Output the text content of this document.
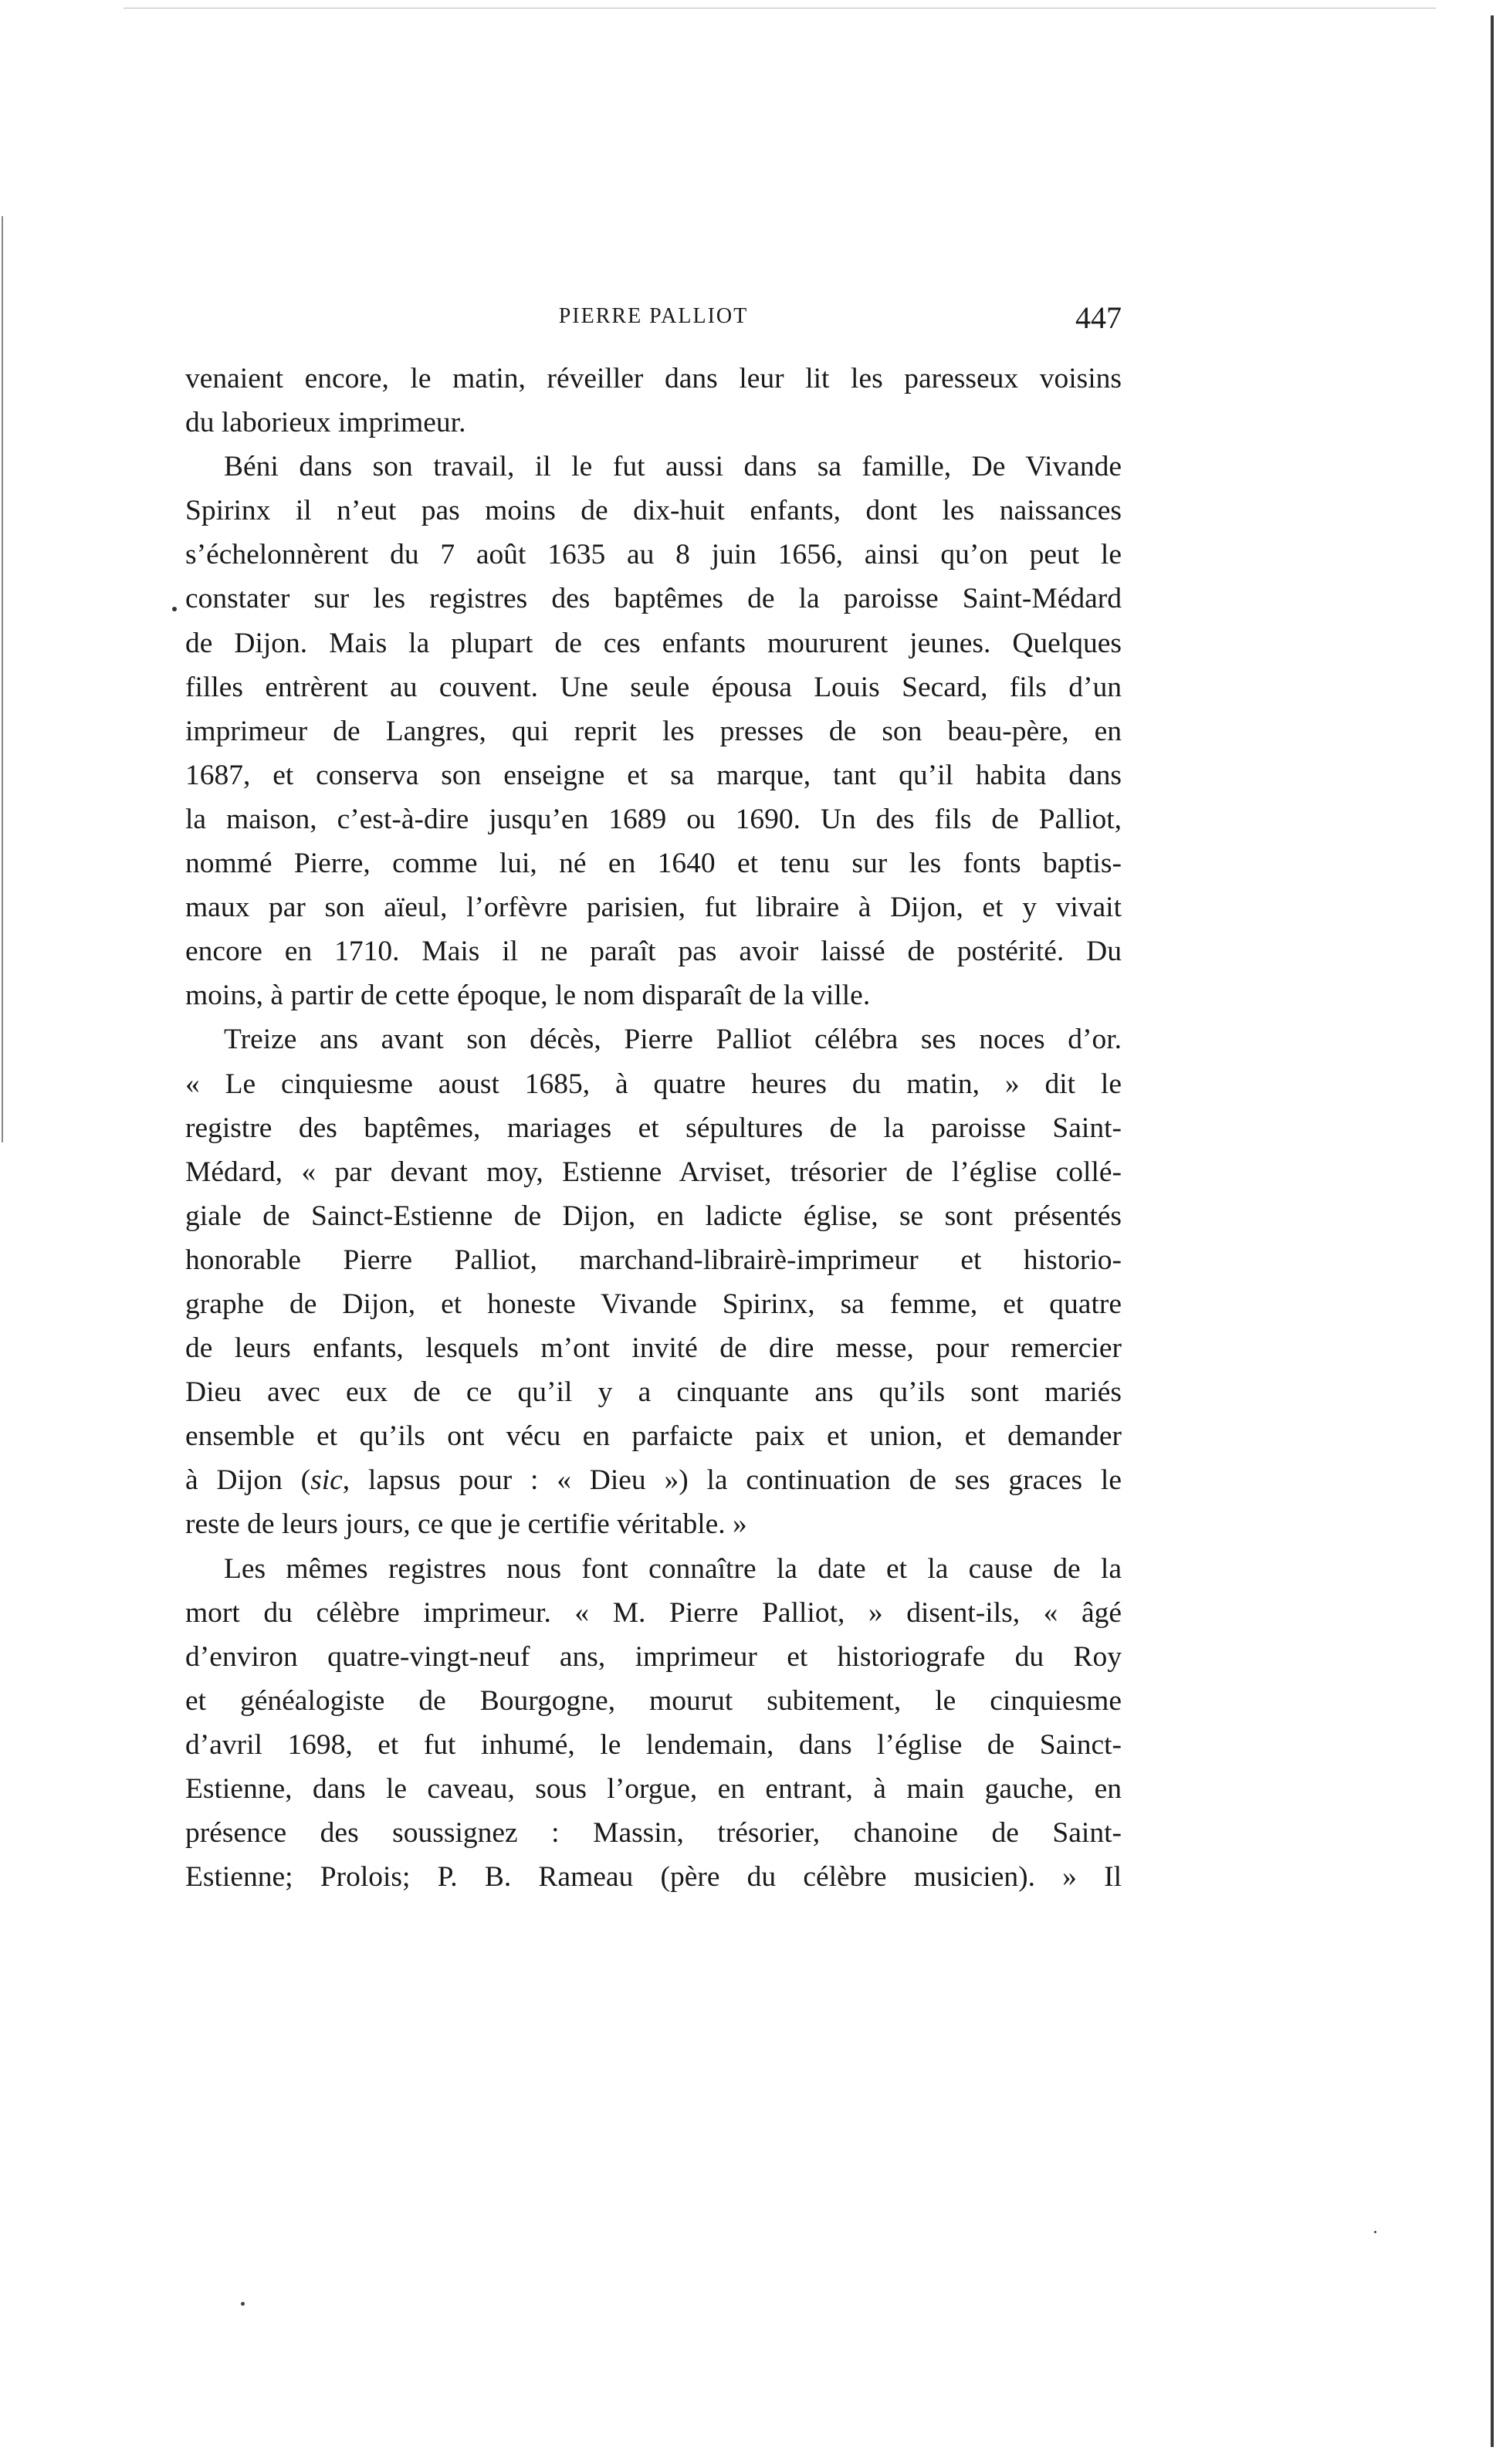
PIERRE PALLIOT	447
venaient encore, le matin, réveiller dans leur lit les paresseux voisins
du laborieux imprimeur.
Béni dans son travail, il le fut aussi dans sa famille, De Vivande
Spirinx il n’eut pas moins de dix-huit enfants, dont les naissances
s’échelonnèrent du 7 août 1635 au 8 juin 1656, ainsi qu’on peut le
constater sur les registres des baptêmes de la paroisse Saint-Médard
de Dijon. Mais la plupart de ces enfants moururent jeunes. Quelques
filles entrèrent au couvent. Une seule épousa Louis Secard, fils d’un
imprimeur de Langres, qui reprit les presses de son beau-père, en
1687, et conserva son enseigne et sa marque, tant qu’il habita dans
la maison, c’est-à-dire jusqu’en 1689 ou 1690. Un des fils de Palliot,
nommé Pierre, comme lui, né en 1640 et tenu sur les fonts baptis-
maux par son aïeul, l’orfèvre parisien, fut libraire à Dijon, et y vivait
encore en 1710. Mais il ne paraît pas avoir laissé de postérité. Du
moins, à partir de cette époque, le nom disparaît de la ville.
Treize ans avant son décès, Pierre Palliot célébra ses noces d’or.
« Le cinquiesme aoust 1685, à quatre heures du matin, » dit le
registre des baptêmes, mariages et sépultures de la paroisse Saint-
Médard, « par devant moy, Estienne Arviset, trésorier de l’église collé-
giale de Sainct-Estienne de Dijon, en ladicte église, se sont présentés
honorable Pierre Palliot, marchand-librairè-imprimeur et historio-
graphe de Dijon, et honeste Vivande Spirinx, sa femme, et quatre
de leurs enfants, lesquels m’ont invité de dire messe, pour remercier
Dieu avec eux de ce qu’il y a cinquante ans qu’ils sont mariés
ensemble et qu’ils ont vécu en parfaicte paix et union, et demander
à Dijon (sic, lapsus pour : « Dieu ») la continuation de ses graces le
reste de leurs jours, ce que je certifie véritable. »
Les mêmes registres nous font connaître la date et la cause de la
mort du célèbre imprimeur. « M. Pierre Palliot, » disent-ils, « âgé
d’environ quatre-vingt-neuf ans, imprimeur et historiografe du Roy
et généalogiste de Bourgogne, mourut subitement, le cinquiesme
d’avril 1698, et fut inhumé, le lendemain, dans l’église de Sainct-
Estienne, dans le caveau, sous l’orgue, en entrant, à main gauche, en
présence des soussignez : Massin, trésorier, chanoine de Saint-
Estienne; Prolois; P. B. Rameau (père du célèbre musicien). » Il
